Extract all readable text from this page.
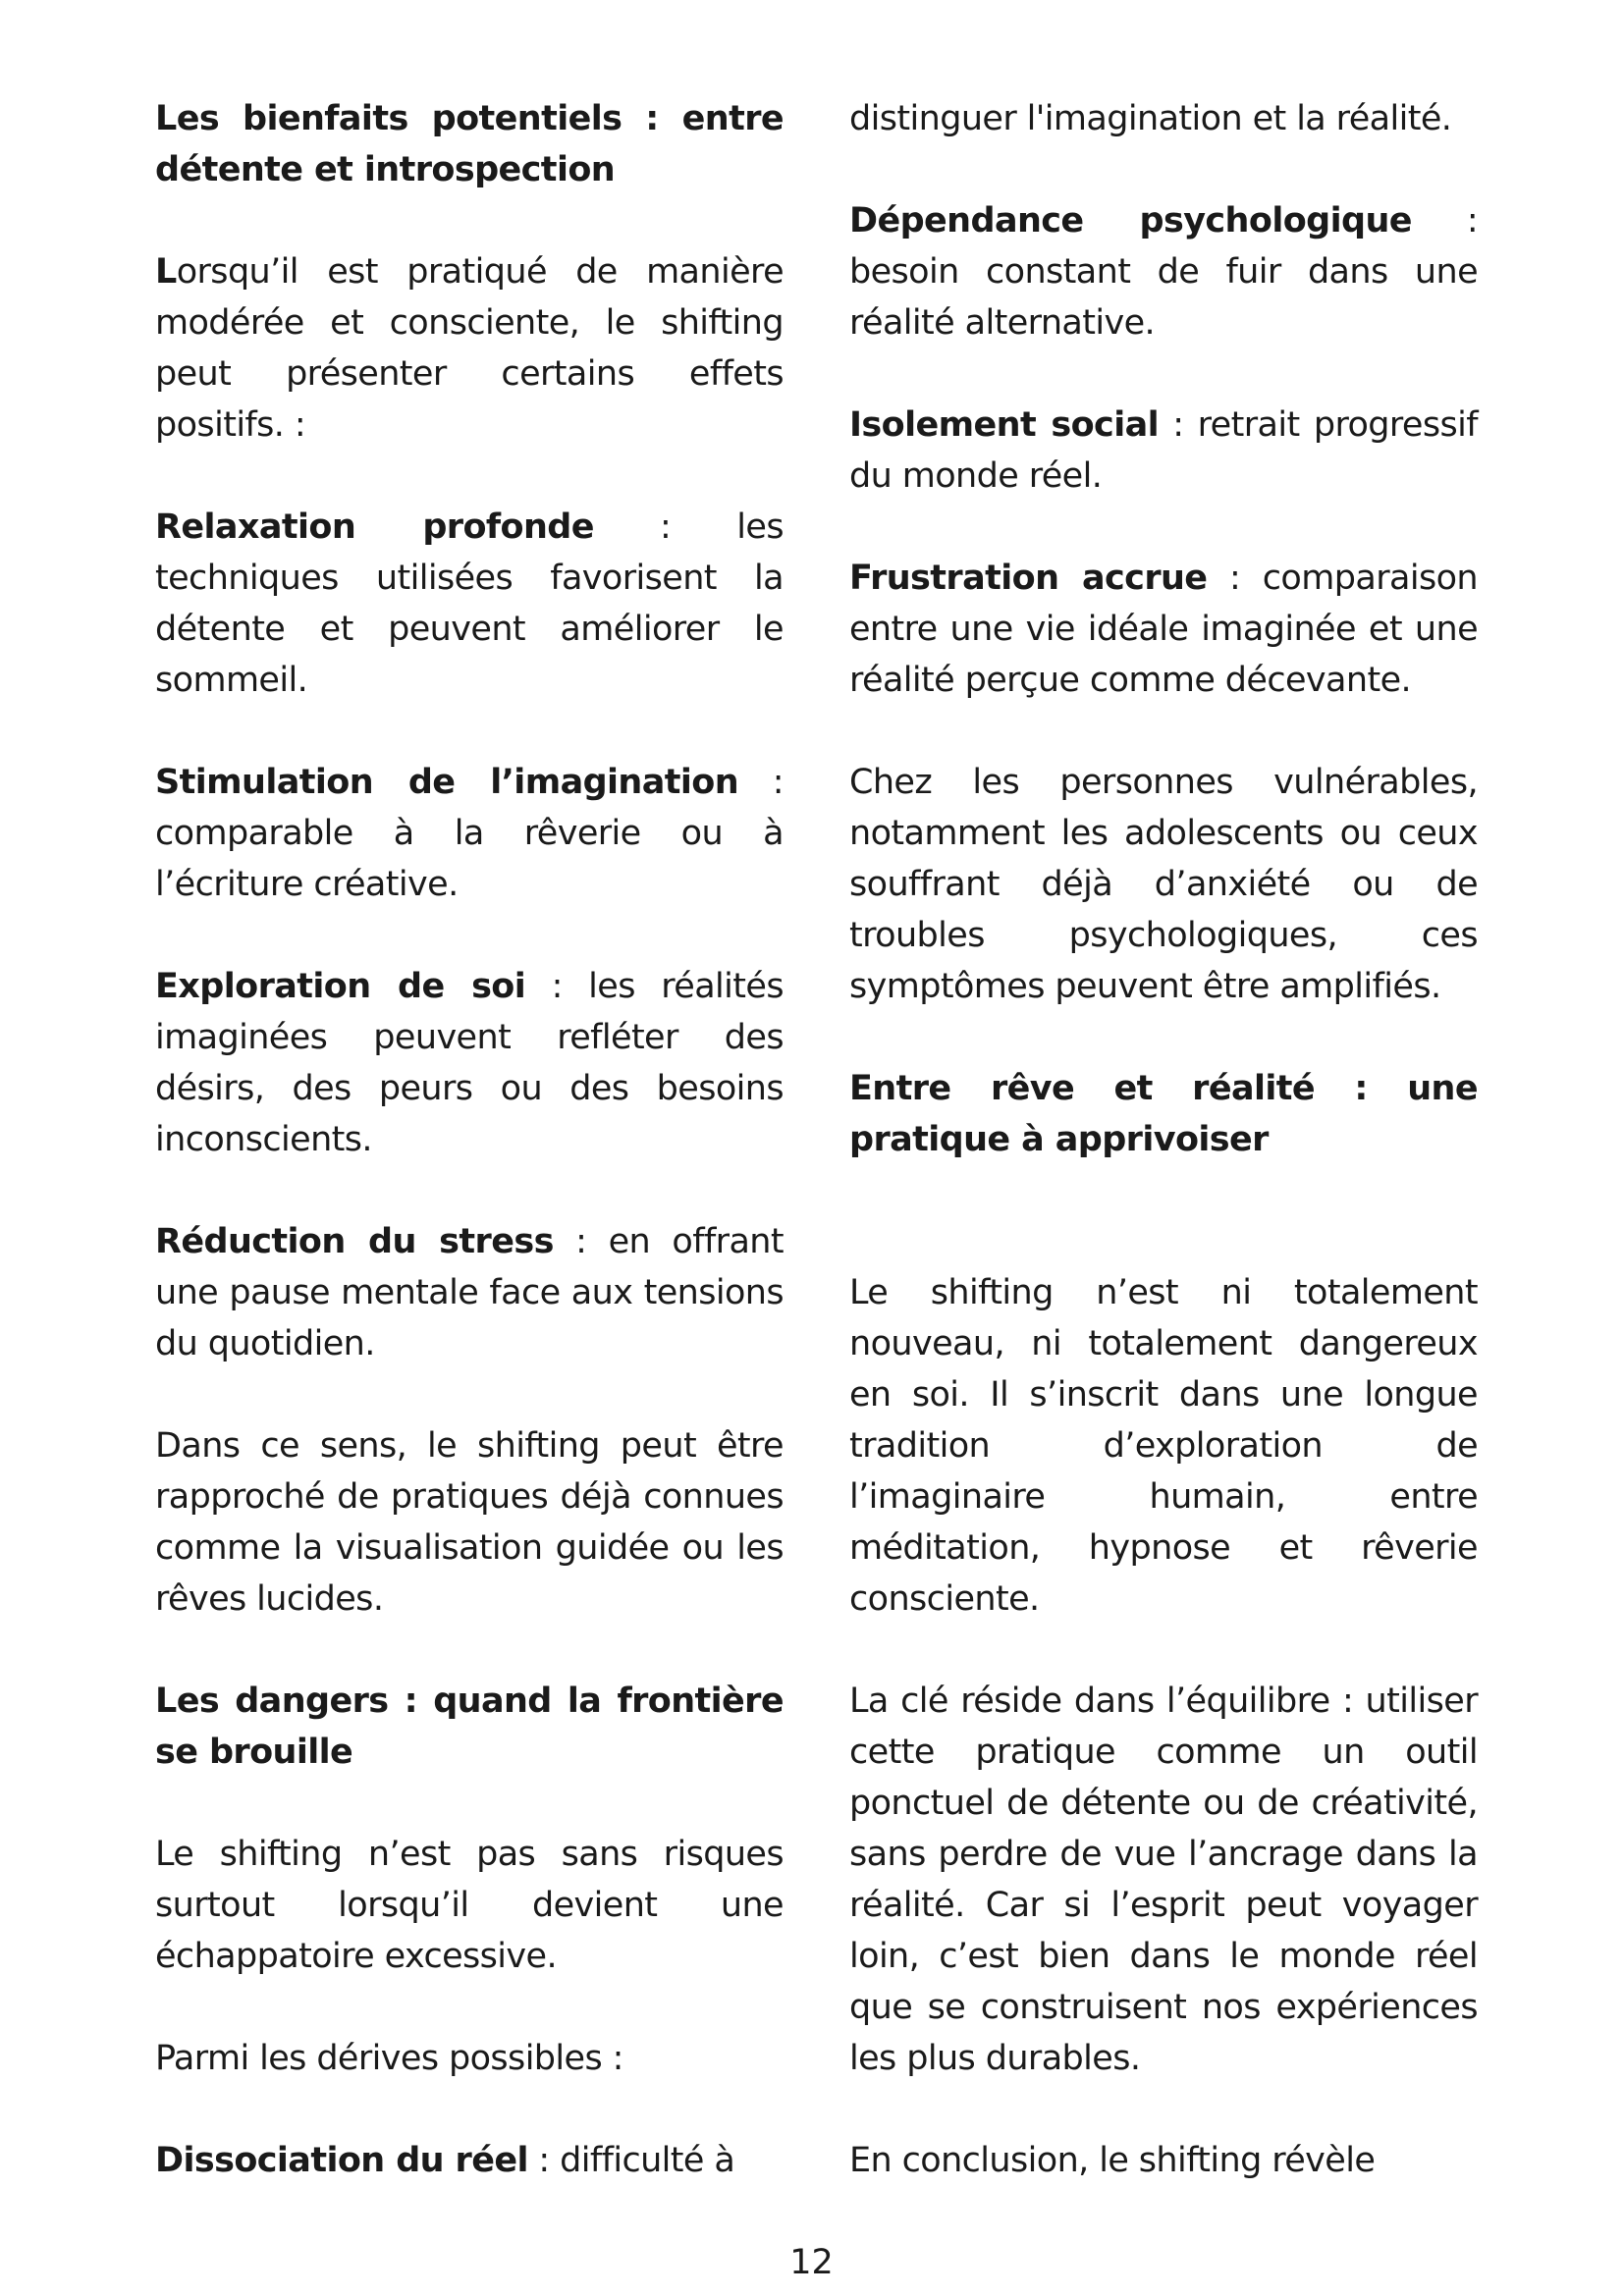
Les bienfaits potentiels : entre détente et introspection

Lorsqu’il est pratiqué de manière modérée et consciente, le shifting peut présenter certains effets positifs. :

Relaxation profonde : les techniques utilisées favorisent la détente et peuvent améliorer le sommeil.

Stimulation de l’imagination : comparable à la rêverie ou à l’écriture créative.

Exploration de soi : les réalités imaginées peuvent refléter des désirs, des peurs ou des besoins inconscients.

Réduction du stress : en offrant une pause mentale face aux tensions du quotidien.

Dans ce sens, le shifting peut être rapproché de pratiques déjà connues comme la visualisation guidée ou les rêves lucides.

Les dangers : quand la frontière se brouille

Le shifting n’est pas sans risques surtout lorsqu’il devient une échappatoire excessive.

Parmi les dérives possibles :

Dissociation du réel : difficulté à

distinguer l'imagination et la réalité.

Dépendance psychologique : besoin constant de fuir dans une réalité alternative.

Isolement social : retrait progressif du monde réel.

Frustration accrue : comparaison entre une vie idéale imaginée et une réalité perçue comme décevante.

Chez les personnes vulnérables, notamment les adolescents ou ceux souffrant déjà d’anxiété ou de troubles psychologiques, ces symptômes peuvent être amplifiés.

Entre rêve et réalité : une pratique à apprivoiser

Le shifting n’est ni totalement nouveau, ni totalement dangereux en soi. Il s’inscrit dans une longue tradition d’exploration de l’imaginaire humain, entre méditation, hypnose et rêverie consciente.

La clé réside dans l’équilibre : utiliser cette pratique comme un outil ponctuel de détente ou de créativité, sans perdre de vue l’ancrage dans la réalité. Car si l’esprit peut voyager loin, c’est bien dans le monde réel que se construisent nos expériences les plus durables.

En conclusion, le shifting révèle

12
